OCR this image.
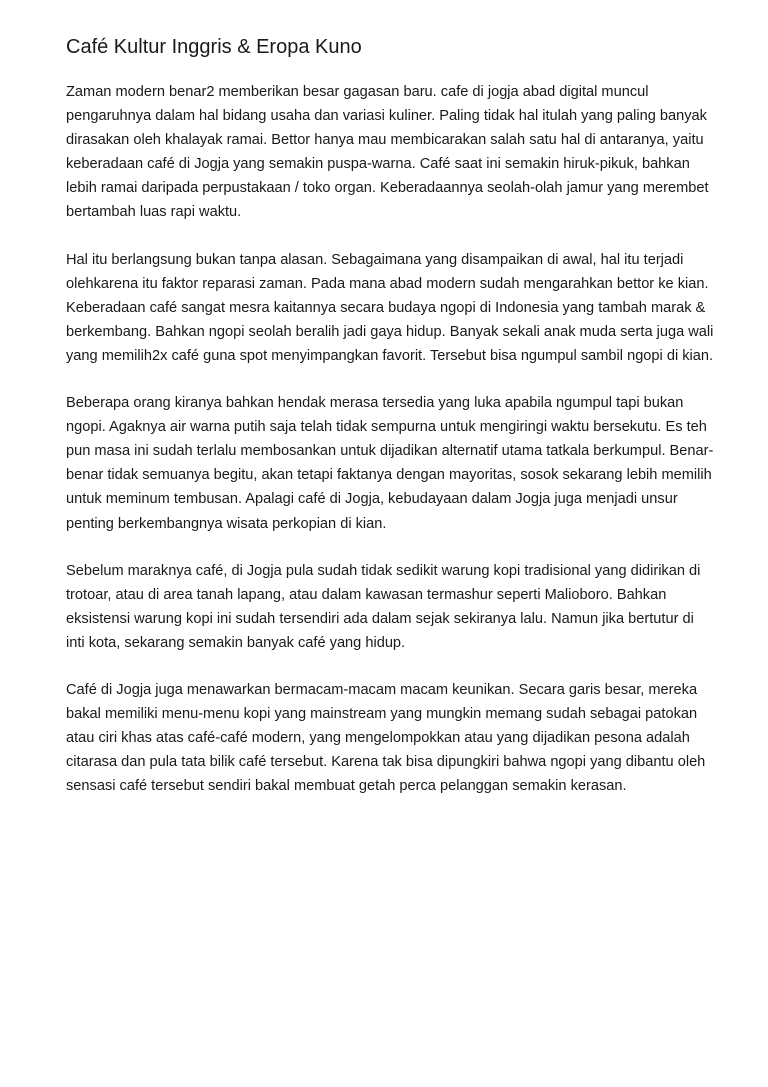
Café Kultur Inggris & Eropa Kuno

Zaman modern benar2 memberikan besar gagasan baru. cafe di jogja abad digital muncul pengaruhnya dalam hal bidang usaha dan variasi kuliner. Paling tidak hal itulah yang paling banyak dirasakan oleh khalayak ramai. Bettor hanya mau membicarakan salah satu hal di antaranya, yaitu keberadaan café di Jogja yang semakin puspa-warna. Café saat ini semakin hiruk-pikuk, bahkan lebih ramai daripada perpustakaan / toko organ. Keberadaannya seolah-olah jamur yang merembet bertambah luas rapi waktu.

Hal itu berlangsung bukan tanpa alasan. Sebagaimana yang disampaikan di awal, hal itu terjadi olehkarena itu faktor reparasi zaman. Pada mana abad modern sudah mengarahkan bettor ke kian. Keberadaan café sangat mesra kaitannya secara budaya ngopi di Indonesia yang tambah marak & berkembang. Bahkan ngopi seolah beralih jadi gaya hidup. Banyak sekali anak muda serta juga wali yang memilih2x café guna spot menyimpangkan favorit. Tersebut bisa ngumpul sambil ngopi di kian.

Beberapa orang kiranya bahkan hendak merasa tersedia yang luka apabila ngumpul tapi bukan ngopi. Agaknya air warna putih saja telah tidak sempurna untuk mengiringi waktu bersekutu. Es teh pun masa ini sudah terlalu membosankan untuk dijadikan alternatif utama tatkala berkumpul. Benar-benar tidak semuanya begitu, akan tetapi faktanya dengan mayoritas, sosok sekarang lebih memilih untuk meminum tembusan. Apalagi café di Jogja, kebudayaan dalam Jogja juga menjadi unsur penting berkembangnya wisata perkopian di kian.

Sebelum maraknya café, di Jogja pula sudah tidak sedikit warung kopi tradisional yang didirikan di trotoar, atau di area tanah lapang, atau dalam kawasan termashur seperti Malioboro. Bahkan eksistensi warung kopi ini sudah tersendiri ada dalam sejak sekiranya lalu. Namun jika bertutur di inti kota, sekarang semakin banyak café yang hidup.

Café di Jogja juga menawarkan bermacam-macam macam keunikan. Secara garis besar, mereka bakal memiliki menu-menu kopi yang mainstream yang mungkin memang sudah sebagai patokan atau ciri khas atas café-café modern, yang mengelompokkan atau yang dijadikan pesona adalah citarasa dan pula tata bilik café tersebut. Karena tak bisa dipungkiri bahwa ngopi yang dibantu oleh sensasi café tersebut sendiri bakal membuat getah perca pelanggan semakin kerasan.
